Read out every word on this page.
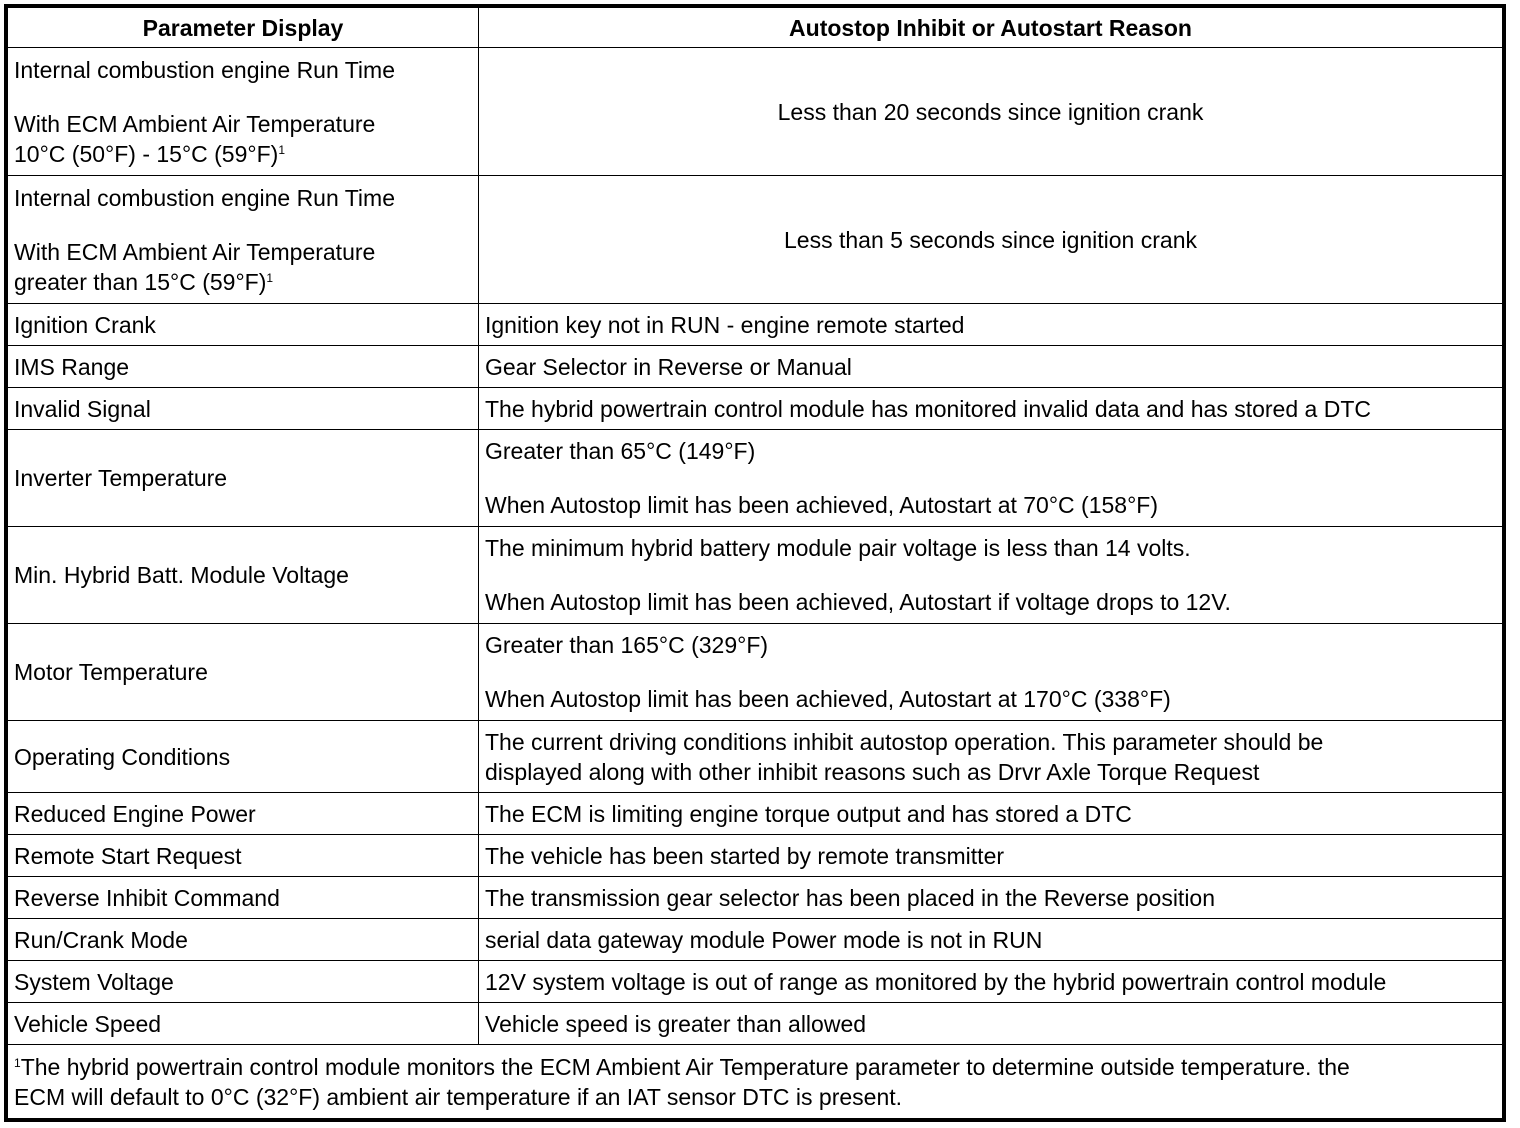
Parameter Display	Autostop Inhibit or Autostart Reason

Internal combustion engine Run Time
With ECM Ambient Air Temperature
10°C (50°F) - 15°C $(59^\circ F)^1$	Less than 20 seconds since ignition crank

Internal combustion engine Run Time
With ECM Ambient Air Temperature
greater than 15°C $(59^\circ F)^1$	Less than 5 seconds since ignition crank
Ignition Crank	Ignition key not in RUN - engine remote started
IMS Range	Gear Selector in Reverse or Manual
Invalid Signal	The hybrid powertrain control module has monitored invalid data and has stored a DTC
Inverter Temperature	Greater than 65°C (149°F)
When Autostop limit has been achieved, Autostart at 70°C (158°F)

Min. Hybrid Batt. Module Voltage	The minimum hybrid battery module pair voltage is less than 14 volts.
When Autostop limit has been achieved, Autostart if voltage drops to 12V.

Motor Temperature	Greater than 165°C (329°F)
When Autostop limit has been achieved, Autostart at 170°C (338°F)

Operating Conditions	The current driving conditions inhibit autostop operation. This parameter should be
displayed along with other inhibit reasons such as Drvr Axle Torque Request

Reduced Engine Power	The ECM is limiting engine torque output and has stored a DTC
Remote Start Request	The vehicle has been started by remote transmitter
Reverse Inhibit Command	The transmission gear selector has been placed in the Reverse position
Run/Crank Mode	serial data gateway module Power mode is not in RUN
System Voltage	12V system voltage is out of range as monitored by the hybrid powertrain control module
Vehicle Speed	Vehicle speed is greater than allowed

$^1$The hybrid powertrain control module monitors the ECM Ambient Air Temperature parameter to determine outside temperature. the
ECM will default to 0°C (32°F) ambient air temperature if an IAT sensor DTC is present.	
